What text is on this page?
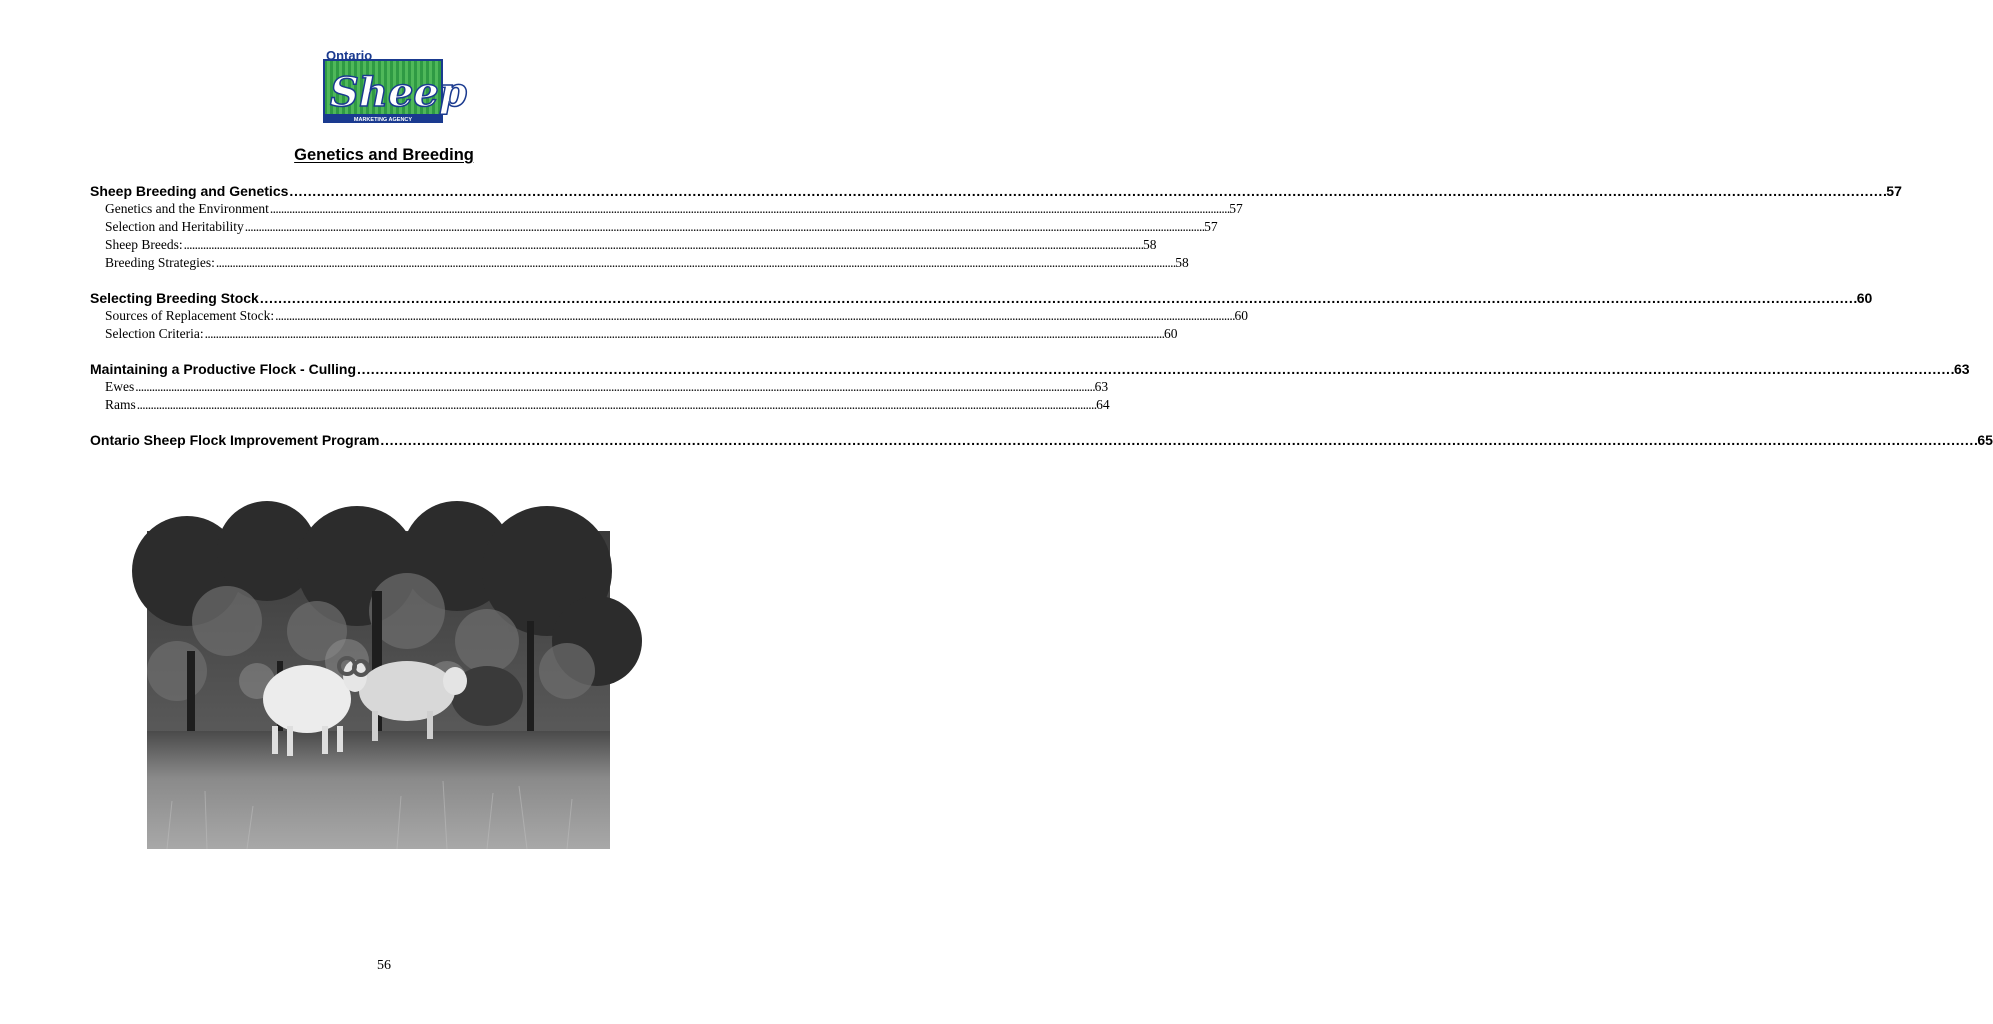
Ontario
Sheep
MARKETING AGENCY
Genetics and Breeding
Sheep Breeding and Genetics . . .	57
Genetics and the Environment . . .	57
Selection and Heritability . . .	57
Sheep Breeds: . . .	58
Breeding Strategies: . . .	58
Selecting Breeding Stock . . .	60
Sources of Replacement Stock: . . .	60
Selection Criteria: . . .	60
Maintaining a Productive Flock - Culling . . .	63
Ewes . . .	63
Rams . . .	64
Ontario Sheep Flock Improvement Program . . .	65
56
